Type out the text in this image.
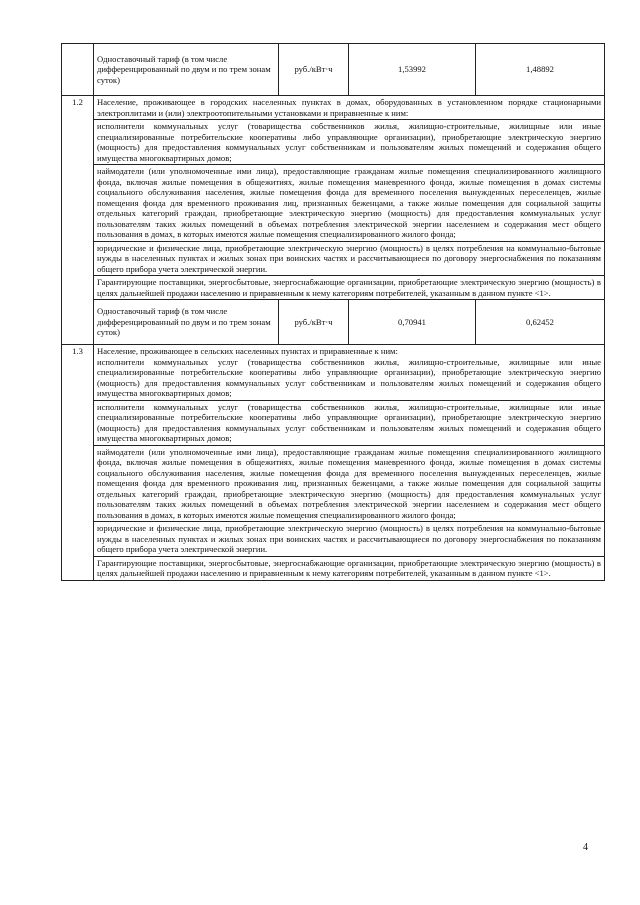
	Одноставочный тариф (в том числе дифференцированный по двум и по трем зонам суток)	руб./кВт·ч	1,53992	1,48892
1.2	Население, проживающее в городских населенных пунктах в домах, оборудованных в установленном порядке стационарными электроплитами и (или) электроотопительными установками и приравненные к ним:			
	исполнители коммунальных услуг (товарищества собственников жилья, жилищно-строительные, жилищные или иные специализированные потребительские кооперативы либо управляющие организации), приобретающие электрическую энергию (мощность) для предоставления коммунальных услуг собственникам и пользователям жилых помещений и содержания общего имущества многоквартирных домов;			
	наймодатели (или уполномоченные ими лица), предоставляющие гражданам жилые помещения специализированного жилищного фонда, включая жилые помещения в общежитиях, жилые помещения маневренного фонда, жилые помещения в домах системы социального обслуживания населения, жилые помещения фонда для временного поселения вынужденных переселенцев, жилые помещения фонда для временного проживания лиц, признанных беженцами, а также жилые помещения для социальной защиты отдельных категорий граждан, приобретающие электрическую энергию (мощность) для предоставления коммунальных услуг пользователям таких жилых помещений в объемах потребления электрической энергии населением и содержания мест общего пользования в домах, в которых имеются жилые помещения специализированного жилого фонда;			
	юридические и физические лица, приобретающие электрическую энергию (мощность) в целях потребления на коммунально-бытовые нужды в населенных пунктах и жилых зонах при воинских частях и рассчитывающиеся по договору энергоснабжения по показаниям общего прибора учета электрической энергии.			
	Гарантирующие поставщики, энергосбытовые, энергоснабжающие организации, приобретающие электрическую энергию (мощность) в целях дальнейшей продажи населению и приравненным к нему категориям потребителей, указанным в данном пункте <1>.			
	Одноставочный тариф (в том числе дифференцированный по двум и по трем зонам суток)	руб./кВт·ч	0,70941	0,62452
1.3	Население, проживающее в сельских населенных пунктах и приравненные к ним:
исполнители коммунальных услуг (товарищества собственников жилья, жилищно-строительные, жилищные или иные специализированные потребительские кооперативы либо управляющие организации), приобретающие электрическую энергию (мощность) для предоставления коммунальных услуг собственникам и пользователям жилых помещений и содержания общего имущества многоквартирных домов;			

	исполнители коммунальных услуг (товарищества собственников жилья, жилищно-строительные, жилищные или иные специализированные потребительские кооперативы либо управляющие организации), приобретающие электрическую энергию (мощность) для предоставления коммунальных услуг собственникам и пользователям жилых помещений и содержания общего имущества многоквартирных домов;			
	наймодатели (или уполномоченные ими лица), предоставляющие гражданам жилые помещения специализированного жилищного фонда, включая жилые помещения в общежитиях, жилые помещения маневренного фонда, жилые помещения в домах системы социального обслуживания населения, жилые помещения фонда для временного поселения вынужденных переселенцев, жилые помещения фонда для временного проживания лиц, признанных беженцами, а также жилые помещения для социальной защиты отдельных категорий граждан, приобретающие электрическую энергию (мощность) для предоставления коммунальных услуг пользователям таких жилых помещений в объемах потребления электрической энергии населением и содержания мест общего пользования в домах, в которых имеются жилые помещения специализированного жилого фонда;			
	юридические и физические лица, приобретающие электрическую энергию (мощность) в целях потребления на коммунально-бытовые нужды в населенных пунктах и жилых зонах при воинских частях и рассчитывающиеся по договору энергоснабжения по показаниям общего прибора учета электрической энергии.			
	Гарантирующие поставщики, энергосбытовые, энергоснабжающие организации, приобретающие электрическую энергию (мощность) в целях дальнейшей продажи населению и приравненным к нему категориям потребителей, указанным в данном пункте <1>.			
4
